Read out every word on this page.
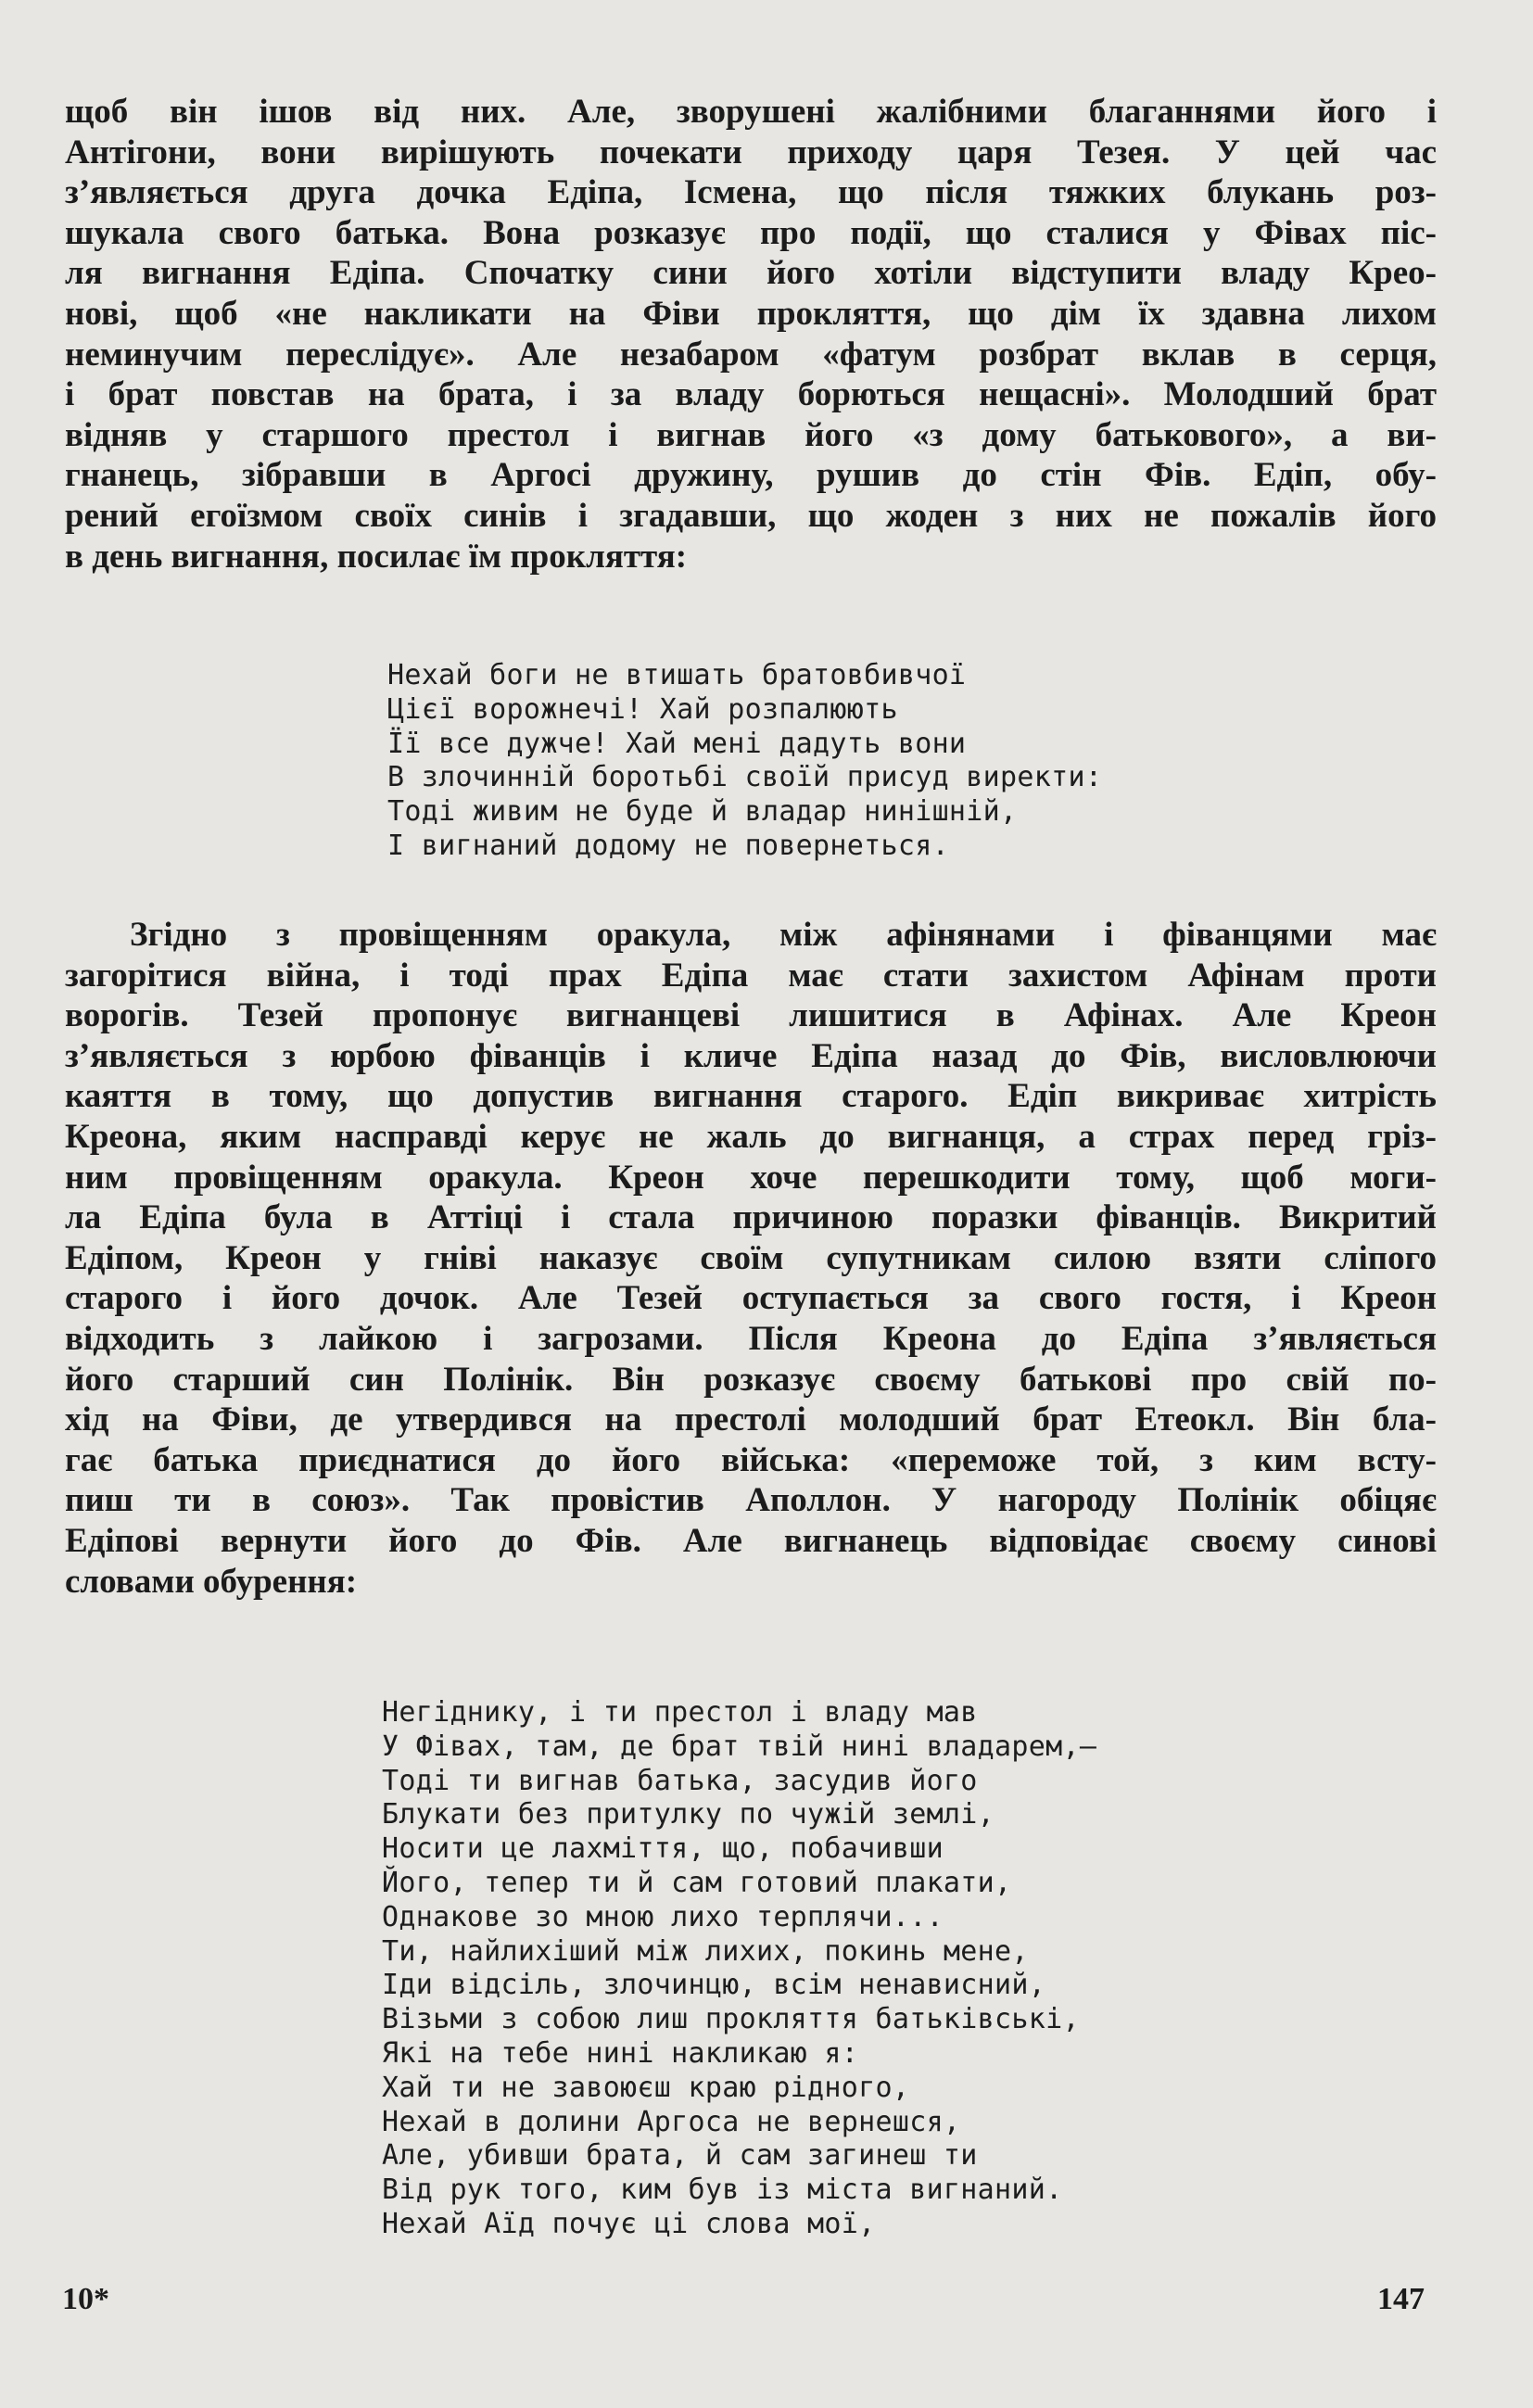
щоб він ішов від них. Але, зворушені жалібними благаннями його і
Антігони, вони вирішують почекати приходу царя Тезея. У цей час
з’являється друга дочка Едіпа, Ісмена, що після тяжких блукань роз-
шукала свого батька. Вона розказує про події, що сталися у Фівах піс-
ля вигнання Едіпа. Спочатку сини його хотіли відступити владу Крео-
нові, щоб «не накликати на Фіви прокляття, що дім їх здавна лихом
неминучим переслідує». Але незабаром «фатум розбрат вклав в серця,
і брат повстав на брата, і за владу борються нещасні». Молодший брат
відняв у старшого престол і вигнав його «з дому батькового», а ви-
гнанець, зібравши в Аргосі дружину, рушив до стін Фів. Едіп, обу-
рений егоїзмом своїх синів і згадавши, що жоден з них не пожалів його
в день вигнання, посилає їм прокляття:
Нехай боги не втишать братовбивчої
Цієї ворожнечі! Хай розпалюють
Її все дужче! Хай мені дадуть вони
В злочинній боротьбі своїй присуд виректи:
Тоді живим не буде й владар нинішній,
І вигнаний додому не повернеться.
Згідно з провіщенням оракула, між афінянами і фіванцями має
загорітися війна, і тоді прах Едіпа має стати захистом Афінам проти
ворогів. Тезей пропонує вигнанцеві лишитися в Афінах. Але Креон
з’являється з юрбою фіванців і кличе Едіпа назад до Фів, висловлюючи
каяття в тому, що допустив вигнання старого. Едіп викриває хитрість
Креона, яким насправді керує не жаль до вигнанця, а страх перед гріз-
ним провіщенням оракула. Креон хоче перешкодити тому, щоб моги-
ла Едіпа була в Аттіці і стала причиною поразки фіванців. Викритий
Едіпом, Креон у гніві наказує своїм супутникам силою взяти сліпого
старого і його дочок. Але Тезей оступається за свого гостя, і Креон
відходить з лайкою і загрозами. Після Креона до Едіпа з’являється
його старший син Полінік. Він розказує своєму батькові про свій по-
хід на Фіви, де утвердився на престолі молодший брат Етеокл. Він бла-
гає батька приєднатися до його війська: «переможе той, з ким всту-
пиш ти в союз». Так провістив Аполлон. У нагороду Полінік обіцяє
Едіпові вернути його до Фів. Але вигнанець відповідає своєму синові
словами обурення:
Негіднику, і ти престол і владу мав
У Фівах, там, де брат твій нині владарем,—
Тоді ти вигнав батька, засудив його
Блукати без притулку по чужій землі,
Носити це лахміття, що, побачивши
Його, тепер ти й сам готовий плакати,
Однакове зо мною лихо терплячи...
Ти, найлихіший між лихих, покинь мене,
Іди відсіль, злочинцю, всім ненависний,
Візьми з собою лиш прокляття батьківські,
Які на тебе нині накликаю я:
Хай ти не завоюєш краю рідного,
Нехай в долини Аргоса не вернешся,
Але, убивши брата, й сам загинеш ти
Від рук того, ким був із міста вигнаний.
Нехай Аїд почує ці слова мої,
10*	147
